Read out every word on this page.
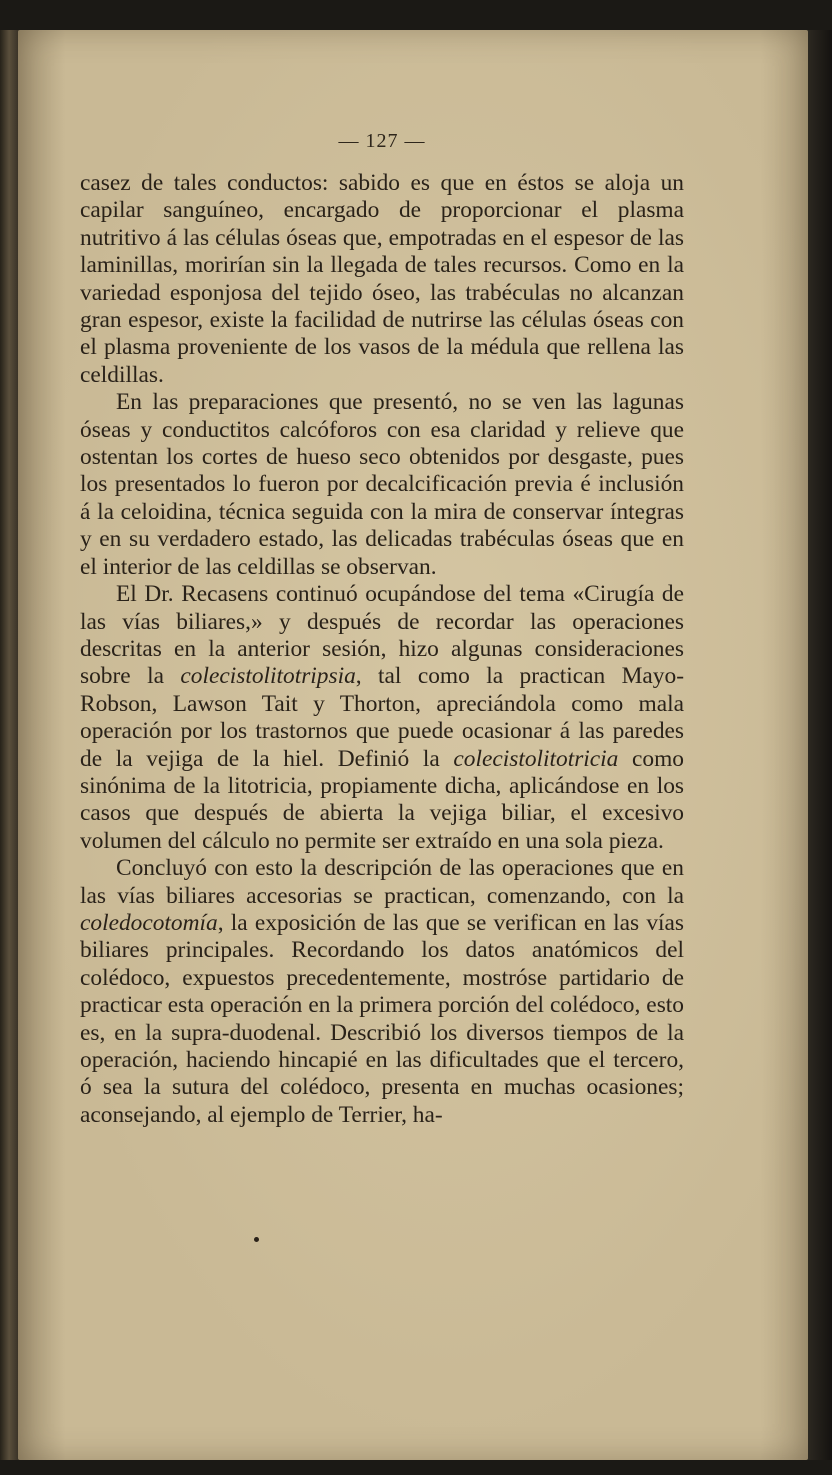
— 127 —

casez de tales conductos: sabido es que en éstos se aloja un capilar sanguíneo, encargado de proporcionar el plasma nutritivo á las células óseas que, empotradas en el espesor de las laminillas, morirían sin la llegada de tales recursos. Como en la variedad esponjosa del tejido óseo, las trabéculas no alcanzan gran espesor, existe la facilidad de nutrirse las células óseas con el plasma proveniente de los vasos de la médula que rellena las celdillas.

En las preparaciones que presentó, no se ven las lagunas óseas y conductitos calcóforos con esa claridad y relieve que ostentan los cortes de hueso seco obtenidos por desgaste, pues los presentados lo fueron por decalcificación previa é inclusión á la celoidina, técnica seguida con la mira de conservar íntegras y en su verdadero estado, las delicadas trabéculas óseas que en el interior de las celdillas se observan.

El Dr. Recasens continuó ocupándose del tema «Cirugía de las vías biliares,» y después de recordar las operaciones descritas en la anterior sesión, hizo algunas consideraciones sobre la colecistolitotripsia, tal como la practican Mayo-Robson, Lawson Tait y Thorton, apreciándola como mala operación por los trastornos que puede ocasionar á las paredes de la vejiga de la hiel. Definió la colecistolitotricia como sinónima de la litotricia, propiamente dicha, aplicándose en los casos que después de abierta la vejiga biliar, el excesivo volumen del cálculo no permite ser extraído en una sola pieza.

Concluyó con esto la descripción de las operaciones que en las vías biliares accesorias se practican, comenzando, con la coledocotomía, la exposición de las que se verifican en las vías biliares principales. Recordando los datos anatómicos del colédoco, expuestos precedentemente, mostróse partidario de practicar esta operación en la primera porción del colédoco, esto es, en la supra-duodenal. Describió los diversos tiempos de la operación, haciendo hincapié en las dificultades que el tercero, ó sea la sutura del colédoco, presenta en muchas ocasiones; aconsejando, al ejemplo de Terrier, ha-
